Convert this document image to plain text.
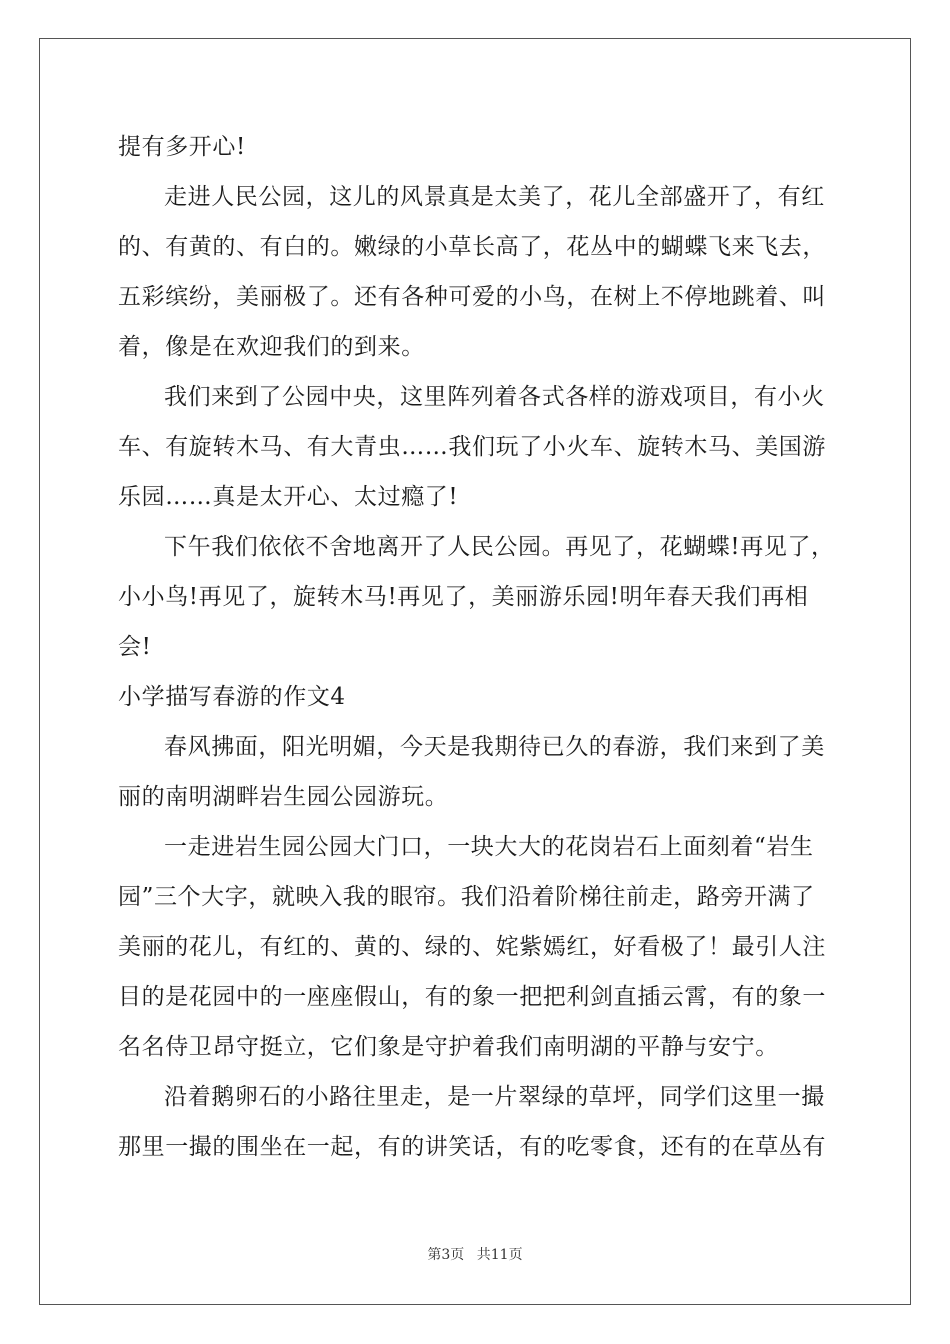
提有多开心!
走进人民公园，这儿的风景真是太美了，花儿全部盛开了，有红
的、有黄的、有白的。嫩绿的小草长高了，花丛中的蝴蝶飞来飞去，
五彩缤纷，美丽极了。还有各种可爱的小鸟，在树上不停地跳着、叫
着，像是在欢迎我们的到来。
我们来到了公园中央，这里阵列着各式各样的游戏项目，有小火
车、有旋转木马、有大青虫……我们玩了小火车、旋转木马、美国游
乐园……真是太开心、太过瘾了!
下午我们依依不舍地离开了人民公园。再见了，花蝴蝶!再见了，
小小鸟!再见了，旋转木马!再见了，美丽游乐园!明年春天我们再相
会!
小学描写春游的作文4
春风拂面，阳光明媚，今天是我期待已久的春游，我们来到了美
丽的南明湖畔岩生园公园游玩。
一走进岩生园公园大门口，一块大大的花岗岩石上面刻着“岩生
园”三个大字，就映入我的眼帘。我们沿着阶梯往前走，路旁开满了
美丽的花儿，有红的、黄的、绿的、姹紫嫣红，好看极了！最引人注
目的是花园中的一座座假山，有的象一把把利剑直插云霄，有的象一
名名侍卫昂守挺立，它们象是守护着我们南明湖的平静与安宁。
沿着鹅卵石的小路往里走，是一片翠绿的草坪，同学们这里一撮
那里一撮的围坐在一起，有的讲笑话，有的吃零食，还有的在草丛有
第3页 共11页
